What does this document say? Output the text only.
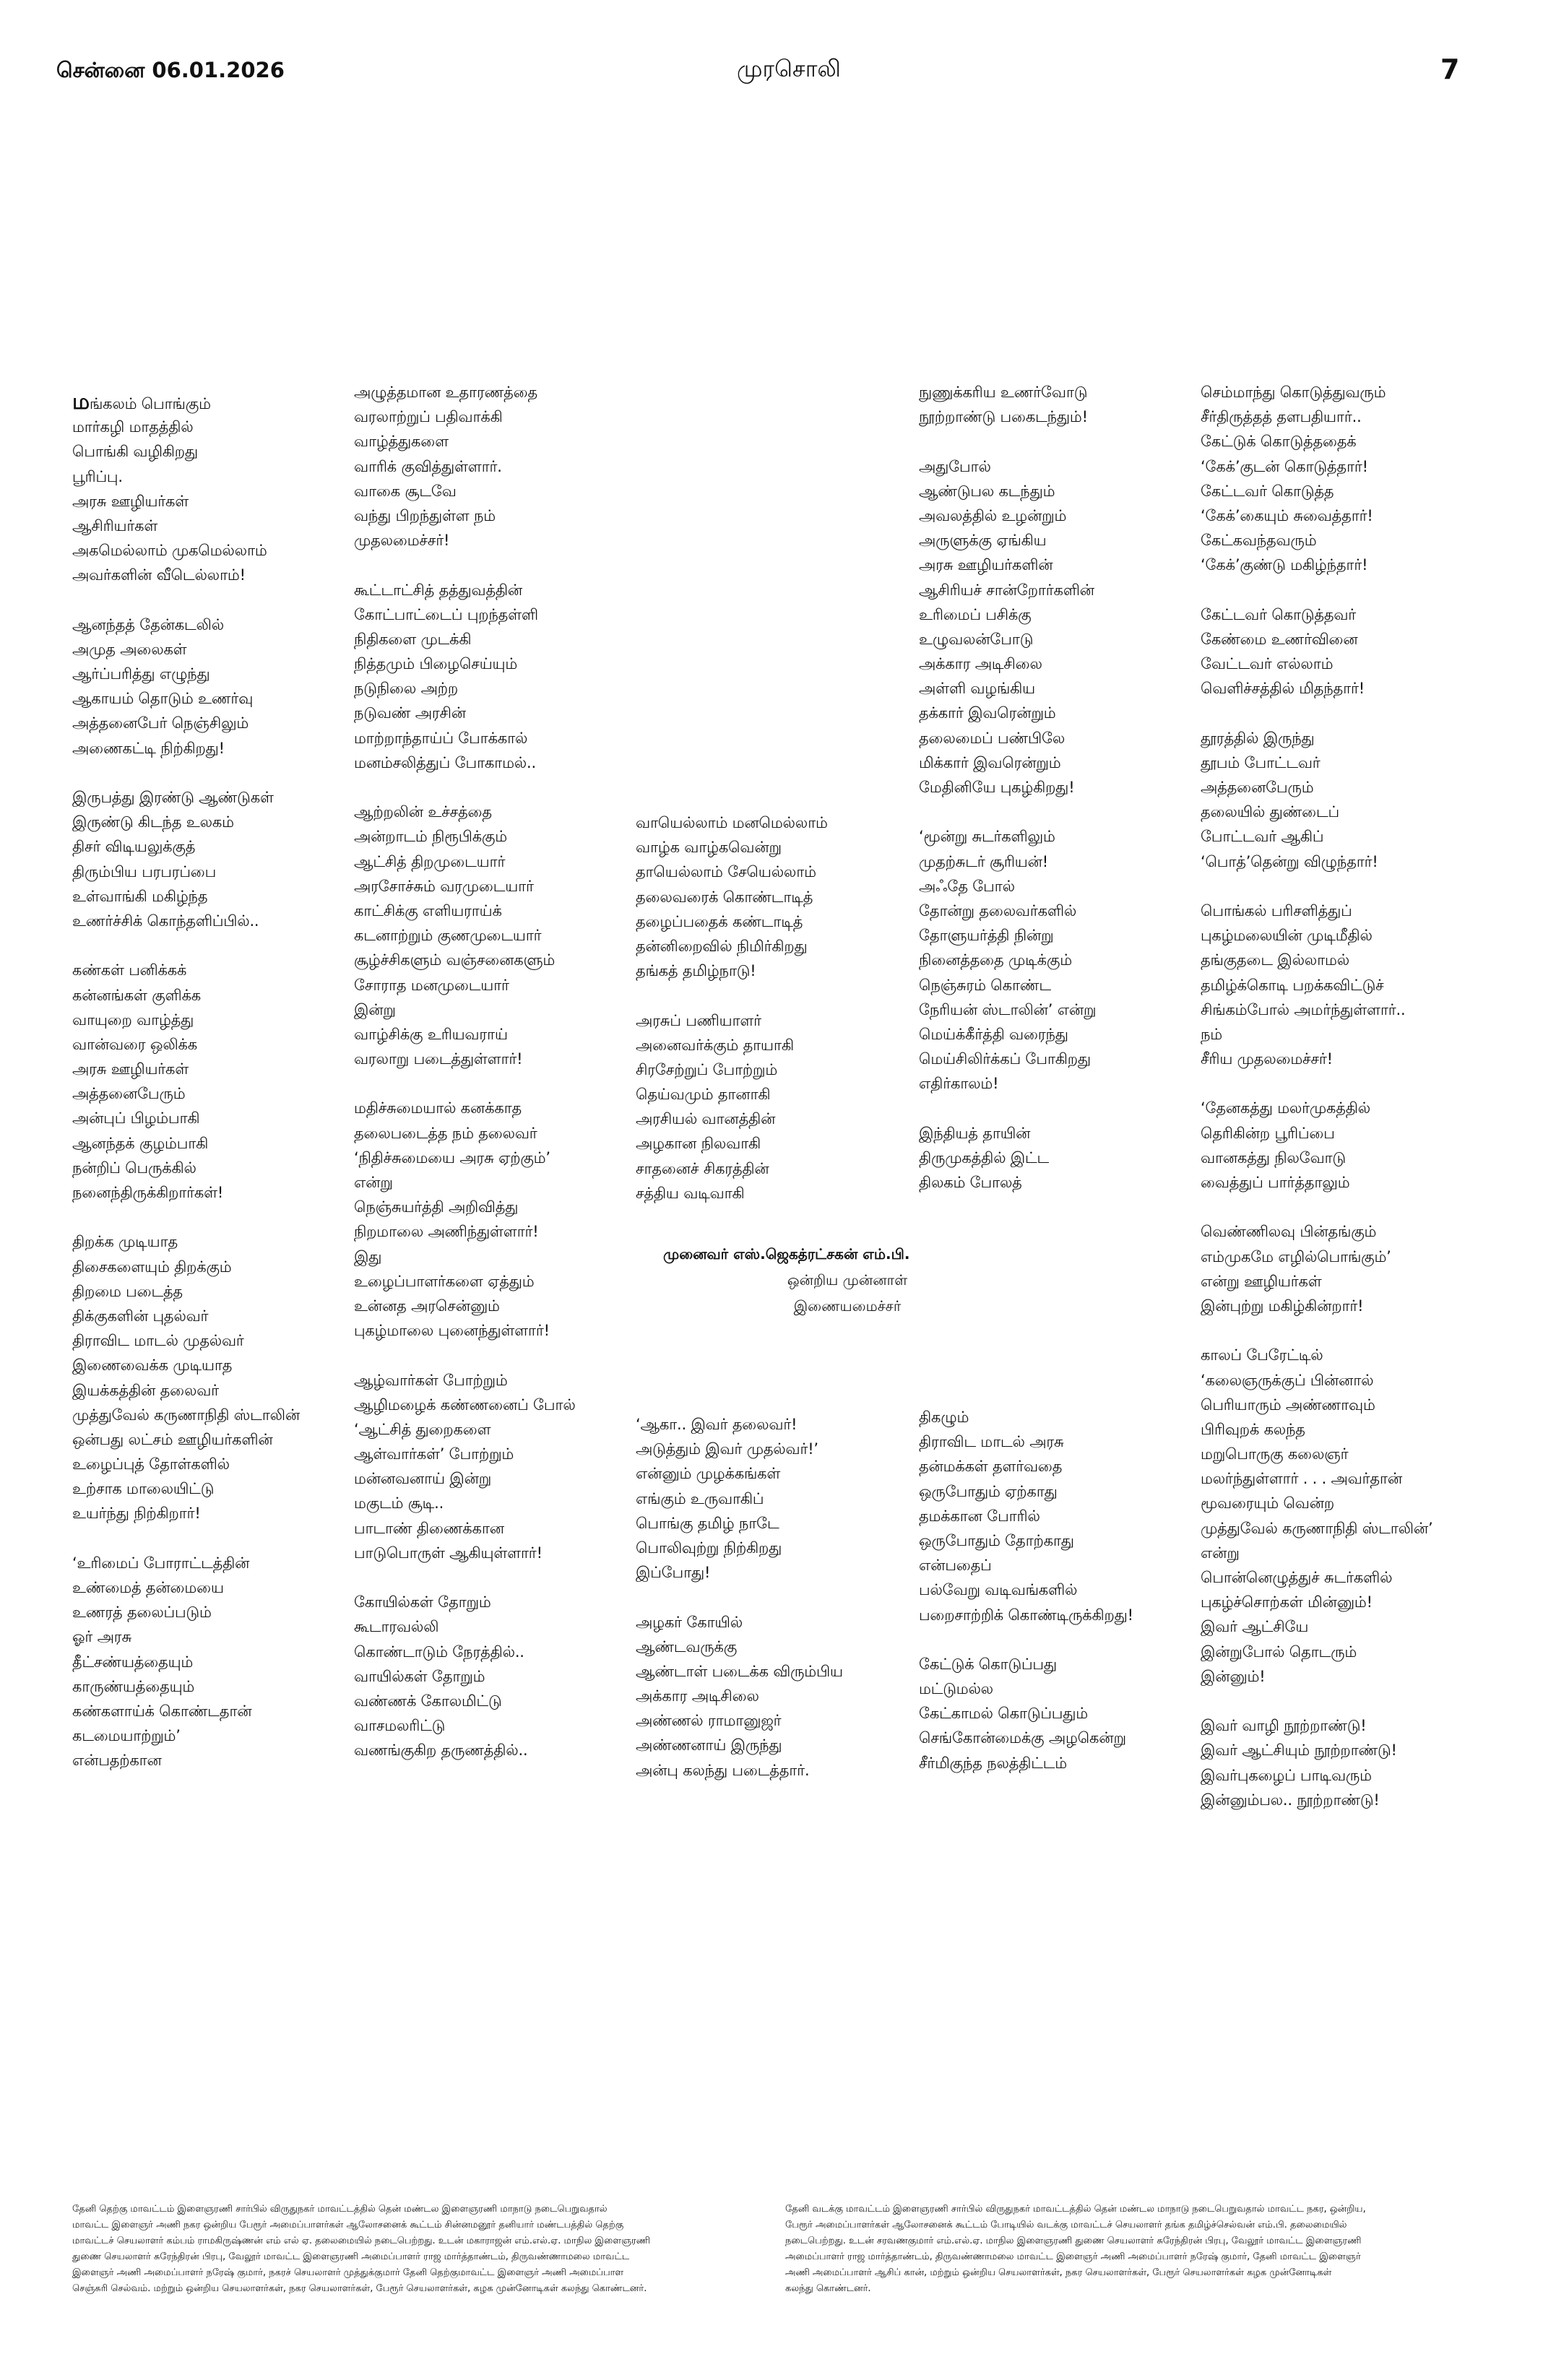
சென்னை 06.01.2026	முரசொலி	7
மங்கலம் பொங்கும்
மார்கழி மாதத்தில்
பொங்கி வழிகிறது
பூரிப்பு.
அரசு ஊழியர்கள்
ஆசிரியர்கள்
அகமெல்லாம் முகமெல்லாம்
அவர்களின் வீடெல்லாம்!
ஆனந்தத் தேன்கடலில்
அமுத அலைகள்
ஆர்ப்பரித்து எழுந்து
ஆகாயம் தொடும் உணர்வு
அத்தனைபேர் நெஞ்சிலும்
அணைகட்டி நிற்கிறது!
இருபத்து இரண்டு ஆண்டுகள்
இருண்டு கிடந்த உலகம்
திசர் விடியலுக்குத்
திரும்பிய பரபரப்பை
உள்வாங்கி மகிழ்ந்த
உணர்ச்சிக் கொந்தளிப்பில்..
கண்கள் பனிக்கக்
கன்னங்கள் குளிக்க
வாயுறை வாழ்த்து
வான்வரை ஒலிக்க
அரசு ஊழியர்கள்
அத்தனைபேரும்
அன்புப் பிழம்பாகி
ஆனந்தக் குழம்பாகி
நன்றிப் பெருக்கில்
நனைந்திருக்கிறார்கள்!
திறக்க முடியாத
திசைகளையும் திறக்கும்
திறமை படைத்த
திக்குகளின் புதல்வர்
திராவிட மாடல் முதல்வர்
இணைவைக்க முடியாத
இயக்கத்தின் தலைவர்
முத்துவேல் கருணாநிதி ஸ்டாலின்
ஒன்பது லட்சம் ஊழியர்களின்
உழைப்புத் தோள்களில்
உற்சாக மாலையிட்டு
உயர்ந்து நிற்கிறார்!
‘உரிமைப் போராட்டத்தின்
உண்மைத் தன்மையை
உணரத் தலைப்படும்
ஓர் அரசு
தீட்சண்யத்தையும்
காருண்யத்தையும்
கண்களாய்க் கொண்டதான்
கடமையாற்றும்’
என்பதற்கான
அழுத்தமான உதாரணத்தை
வரலாற்றுப் பதிவாக்கி
வாழ்த்துகளை
வாரிக் குவித்துள்ளார்.
வாகை சூடவே
வந்து பிறந்துள்ள நம்
முதலமைச்சர்!
கூட்டாட்சித் தத்துவத்தின்
கோட்பாட்டைப் புறந்தள்ளி
நிதிகளை முடக்கி
நித்தமும் பிழைசெய்யும்
நடுநிலை அற்ற
நடுவண் அரசின்
மாற்றாந்தாய்ப் போக்கால்
மனம்சலித்துப் போகாமல்..
ஆற்றலின் உச்சத்தை
அன்றாடம் நிரூபிக்கும்
ஆட்சித் திறமுடையார்
அரசோச்சும் வரமுடையார்
காட்சிக்கு எளியராய்க்
கடனாற்றும் குணமுடையார்
சூழ்ச்சிகளும் வஞ்சனைகளும்
சோராத மனமுடையார்
இன்று
வாழ்சிக்கு உரியவராய்
வரலாறு படைத்துள்ளார்!
மதிச்சுமையால் கனக்காத
தலைபடைத்த நம் தலைவர்
‘நிதிச்சுமையை அரசு ஏற்கும்’
என்று
நெஞ்சுயர்த்தி அறிவித்து
நிறமாலை அணிந்துள்ளார்!
இது
உழைப்பாளர்களை ஏத்தும்
உன்னத அரசென்னும்
புகழ்மாலை புனைந்துள்ளார்!
ஆழ்வார்கள் போற்றும்
ஆழிமழைக் கண்ணனைப் போல்
‘ஆட்சித் துறைகளை
ஆள்வார்கள்’ போற்றும்
மன்னவனாய் இன்று
மகுடம் சூடி..
பாடாண் திணைக்கான
பாடுபொருள் ஆகியுள்ளார்!
கோயில்கள் தோறும்
கூடாரவல்லி
கொண்டாடும் நேரத்தில்..
வாயில்கள் தோறும்
வண்ணக் கோலமிட்டு
வாசமலரிட்டு
வணங்குகிற தருணத்தில்..
வாயெல்லாம் மனமெல்லாம்
வாழ்க வாழ்கவென்று
தாயெல்லாம் சேயெல்லாம்
தலைவரைக் கொண்டாடித்
தழைப்பதைக் கண்டாடித்
தன்னிறைவில் நிமிர்கிறது
தங்கத் தமிழ்நாடு!
அரசுப் பணியாளர்
அனைவர்க்கும் தாயாகி
சிரசேற்றுப் போற்றும்
தெய்வமும் தானாகி
அரசியல் வானத்தின்
அழகான நிலவாகி
சாதனைச் சிகரத்தின்
சத்திய வடிவாகி
‘ஆகா.. இவர் தலைவர்!
அடுத்தும் இவர் முதல்வர்!’
என்னும் முழக்கங்கள்
எங்கும் உருவாகிப்
பொங்கு தமிழ் நாடே
பொலிவுற்று நிற்கிறது
இப்போது!
அழகர் கோயில்
ஆண்டவருக்கு
ஆண்டாள் படைக்க விரும்பிய
அக்கார அடிசிலை
அண்ணல் ராமானுஜர்
அண்ணனாய் இருந்து
அன்பு கலந்து படைத்தார்.
நுணுக்கரிய உணர்வோடு
நூற்றாண்டு பகைடந்தும்!
அதுபோல்
ஆண்டுபல கடந்தும்
அவலத்தில் உழன்றும்
அருளுக்கு ஏங்கிய
அரசு ஊழியர்களின்
ஆசிரியச் சான்றோர்களின்
உரிமைப் பசிக்கு
உழுவலன்போடு
அக்கார அடிசிலை
அள்ளி வழங்கிய
தக்கார் இவரென்றும்
தலைமைப் பண்பிலே
மிக்கார் இவரென்றும்
மேதினியே புகழ்கிறது!
‘மூன்று சுடர்களிலும்
முதற்சுடர் சூரியன்!
அஃதே போல்
தோன்று தலைவர்களில்
தோளுயர்த்தி நின்று
நினைத்ததை முடிக்கும்
நெஞ்சுரம் கொண்ட
நேரியன் ஸ்டாலின்’ என்று
மெய்க்கீர்த்தி வரைந்து
மெய்சிலிர்க்கப் போகிறது
எதிர்காலம்!
இந்தியத் தாயின்
திருமுகத்தில் இட்ட
திலகம் போலத்
திகழும்
திராவிட மாடல் அரசு
தன்மக்கள் தளர்வதை
ஒருபோதும் ஏற்காது
தமக்கான போரில்
ஒருபோதும் தோற்காது
என்பதைப்
பல்வேறு வடிவங்களில்
பறைசாற்றிக் கொண்டிருக்கிறது!
கேட்டுக் கொடுப்பது
மட்டுமல்ல
கேட்காமல் கொடுப்பதும்
செங்கோன்மைக்கு அழகென்று
சீர்மிகுந்த நலத்திட்டம்
செம்மாந்து கொடுத்துவரும்
சீர்திருத்தத் தளபதியார்..
கேட்டுக் கொடுத்ததைக்
‘கேக்’குடன் கொடுத்தார்!
கேட்டவர் கொடுத்த
‘கேக்’கையும் சுவைத்தார்!
கேட்கவந்தவரும்
‘கேக்’குண்டு மகிழ்ந்தார்!
கேட்டவர் கொடுத்தவர்
கேண்மை உணர்வினை
வேட்டவர் எல்லாம்
வெளிச்சத்தில் மிதந்தார்!
தூரத்தில் இருந்து
தூபம் போட்டவர்
அத்தனைபேரும்
தலையில் துண்டைப்
போட்டவர் ஆகிப்
‘பொத்’தென்று விழுந்தார்!
பொங்கல் பரிசளித்துப்
புகழ்மலையின் முடிமீதில்
தங்குதடை இல்லாமல்
தமிழ்க்கொடி பறக்கவிட்டுச்
சிங்கம்போல் அமர்ந்துள்ளார்..
நம்
சீரிய முதலமைச்சர்!
‘தேனகத்து மலர்முகத்தில்
தெரிகின்ற பூரிப்பை
வானகத்து நிலவோடு
வைத்துப் பார்த்தாலும்
வெண்ணிலவு பின்தங்கும்
எம்முகமே எழில்பொங்கும்’
என்று ஊழியர்கள்
இன்புற்று மகிழ்கின்றார்!
காலப் பேரேட்டில்
‘கலைஞருக்குப் பின்னால்
பெரியாரும் அண்ணாவும்
பிரிவுறக் கலந்த
மறுபொருகு கலைஞர்
மலர்ந்துள்ளார் . . . அவர்தான்
மூவரையும் வென்ற
முத்துவேல் கருணாநிதி ஸ்டாலின்’
என்று
பொன்னெழுத்துச் சுடர்களில்
புகழ்ச்சொற்கள் மின்னும்!
இவர் ஆட்சியே
இன்றுபோல் தொடரும்
இன்னும்!
இவர் வாழி நூற்றாண்டு!
இவர் ஆட்சியும் நூற்றாண்டு!
இவர்புகழைப் பாடிவரும்
இன்னும்பல.. நூற்றாண்டு!
முனைவர் எஸ்.ஜெகத்ரட்சகன் எம்.பி.
ஒன்றிய முன்னாள்
இணையமைச்சர்
தேனி தெற்கு மாவட்டம் இளைஞரணி சார்பில் விருதுநகர் மாவட்டத்தில் தென் மண்டல இளைஞரணி மாநாடு நடைபெறுவதால்
மாவட்ட இளைஞர் அணி நகர ஒன்றிய பேரூர் அமைப்பாளர்கள் ஆலோசனைக் கூட்டம் சின்னமனூர் தனியார் மண்டபத்தில் தெற்கு
மாவட்டச் செயலாளர் கம்பம் ராமகிருஷ்ணன் எம் எல் ஏ. தலைமையில் நடைபெற்றது. உடன் மகாராஜன் எம்.எல்.ஏ. மாநில இளைஞரணி
துணை செயலாளர் சுரேந்திரன் பிரபு, வேலூர் மாவட்ட இளைஞரணி அமைப்பாளர் ராஜ மார்த்தாண்டம், திருவண்ணாமலை மாவட்ட
இளைஞர் அணி அமைப்பாளர் நரேஷ் குமார், நகரச் செயலாளர் முத்துக்குமார் தேனி தெற்குமாவட்ட இளைஞர் அணி அமைப்பாள
செஞ்சுரி செல்வம். மற்றும் ஒன்றிய செயலாளர்கள், நகர செயலாளர்கள், பேரூர் செயலாளர்கள், கழக முன்னோடிகள் கலந்து கொண்டனர்.
தேனி வடக்கு மாவட்டம் இளைஞரணி சார்பில் விருதுநகர் மாவட்டத்தில் தென் மண்டல மாநாடு நடைபெறுவதால் மாவட்ட நகர, ஒன்றிய,
பேரூர் அமைப்பாளர்கள் ஆலோசனைக் கூட்டம் போடியில் வடக்கு மாவட்டச் செயலாளர் தங்க தமிழ்ச்செல்வன் எம்.பி. தலைமையில்
நடைபெற்றது. உடன் சரவணகுமார் எம்.எல்.ஏ. மாநில இளைஞரணி துணை செயலாளர் சுரேந்திரன் பிரபு, வேலூர் மாவட்ட இளைஞரணி
அமைப்பாளர் ராஜ மார்த்தாண்டம், திருவண்ணாமலை மாவட்ட இளைஞர் அணி அமைப்பாளர் நரேஷ் குமார், தேனி மாவட்ட இளைஞர்
அணி அமைப்பாளர் ஆசிப் கான், மற்றும் ஒன்றிய செயலாளர்கள், நகர செயலாளர்கள், பேரூர் செயலாளர்கள் கழக முன்னோடிகள்
கலந்து கொண்டனர்.
